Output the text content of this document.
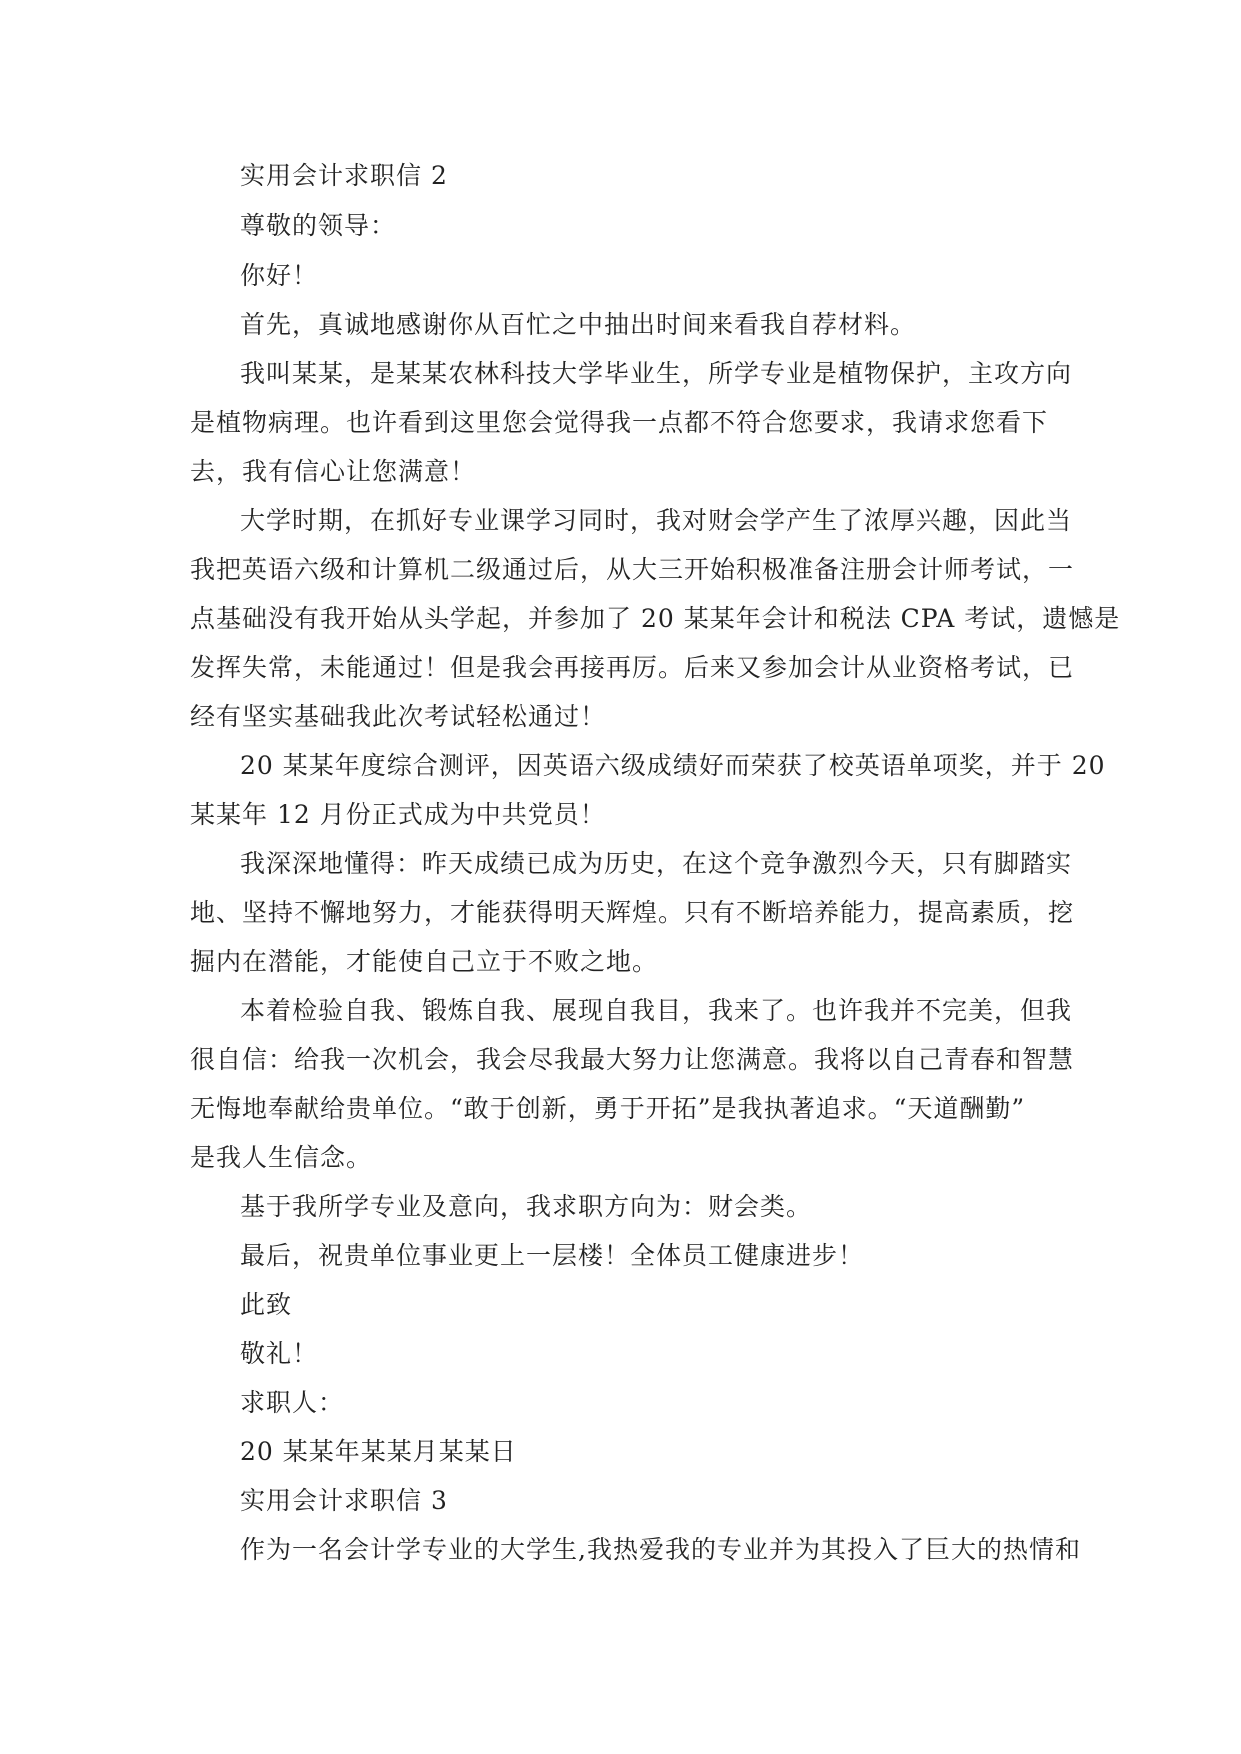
实用会计求职信 2
尊敬的领导：
你好！
首先，真诚地感谢你从百忙之中抽出时间来看我自荐材料。
我叫某某，是某某农林科技大学毕业生，所学专业是植物保护，主攻方向
是植物病理。也许看到这里您会觉得我一点都不符合您要求，我请求您看下
去，我有信心让您满意！
大学时期，在抓好专业课学习同时，我对财会学产生了浓厚兴趣，因此当
我把英语六级和计算机二级通过后，从大三开始积极准备注册会计师考试，一
点基础没有我开始从头学起，并参加了 20 某某年会计和税法 CPA 考试，遗憾是
发挥失常，未能通过！但是我会再接再厉。后来又参加会计从业资格考试，已
经有坚实基础我此次考试轻松通过！
20 某某年度综合测评，因英语六级成绩好而荣获了校英语单项奖，并于 20
某某年 12 月份正式成为中共党员！
我深深地懂得：昨天成绩已成为历史，在这个竞争激烈今天，只有脚踏实
地、坚持不懈地努力，才能获得明天辉煌。只有不断培养能力，提高素质，挖
掘内在潜能，才能使自己立于不败之地。
本着检验自我、锻炼自我、展现自我目，我来了。也许我并不完美，但我
很自信：给我一次机会，我会尽我最大努力让您满意。我将以自己青春和智慧
无悔地奉献给贵单位。“敢于创新，勇于开拓”是我执著追求。“天道酬勤”
是我人生信念。
基于我所学专业及意向，我求职方向为：财会类。
最后，祝贵单位事业更上一层楼！全体员工健康进步！
此致
敬礼！
求职人：
20 某某年某某月某某日
实用会计求职信 3
作为一名会计学专业的大学生,我热爱我的专业并为其投入了巨大的热情和
